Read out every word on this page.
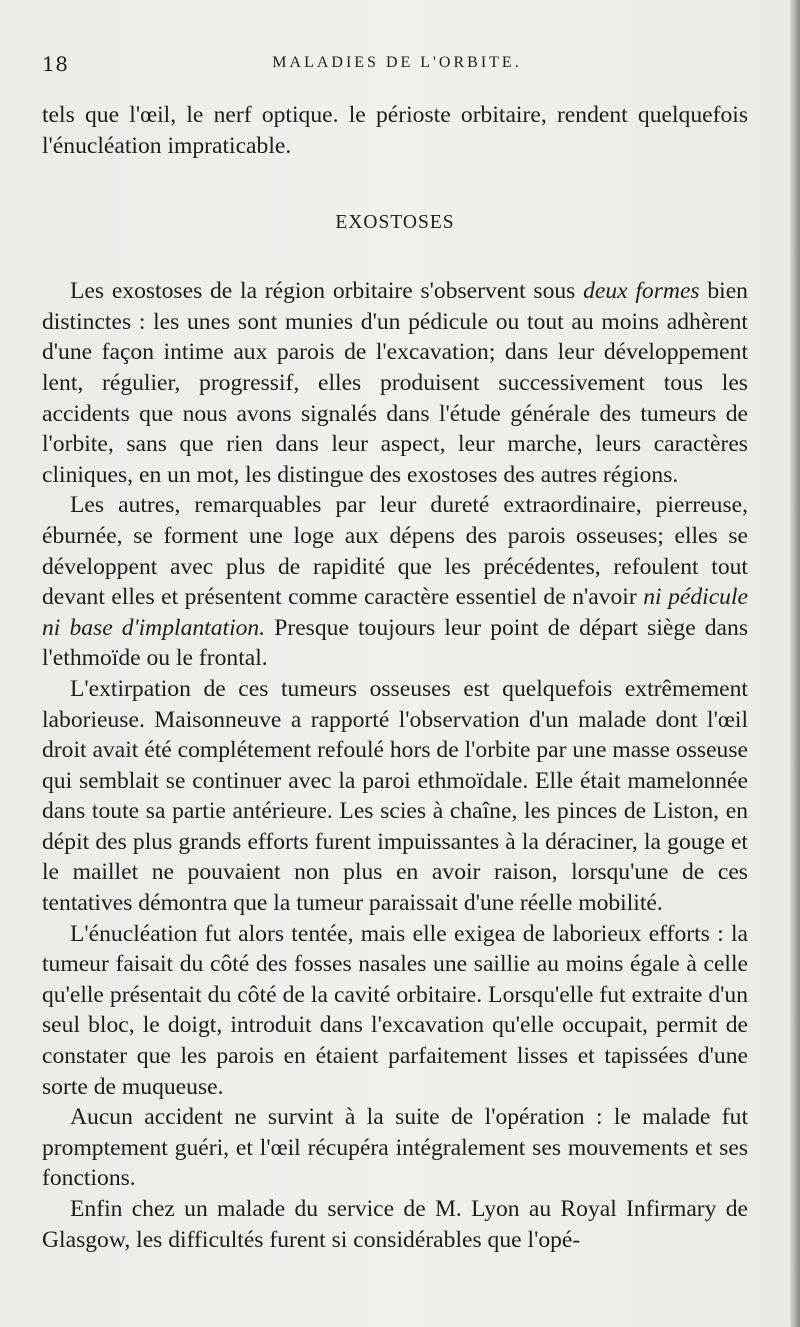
18	MALADIES DE L'ORBITE.

tels que l'œil, le nerf optique. le périoste orbitaire, rendent quelquefois l'énucléation impraticable.

EXOSTOSES

Les exostoses de la région orbitaire s'observent sous deux formes bien distinctes : les unes sont munies d'un pédicule ou tout au moins adhèrent d'une façon intime aux parois de l'excavation; dans leur développement lent, régulier, progressif, elles produisent successivement tous les accidents que nous avons signalés dans l'étude générale des tumeurs de l'orbite, sans que rien dans leur aspect, leur marche, leurs caractères cliniques, en un mot, les distingue des exostoses des autres régions.

Les autres, remarquables par leur dureté extraordinaire, pierreuse, éburnée, se forment une loge aux dépens des parois osseuses; elles se développent avec plus de rapidité que les précédentes, refoulent tout devant elles et présentent comme caractère essentiel de n'avoir ni pédicule ni base d'implantation. Presque toujours leur point de départ siège dans l'ethmoïde ou le frontal.

L'extirpation de ces tumeurs osseuses est quelquefois extrêmement laborieuse. Maisonneuve a rapporté l'observation d'un malade dont l'œil droit avait été complétement refoulé hors de l'orbite par une masse osseuse qui semblait se continuer avec la paroi ethmoïdale. Elle était mamelonnée dans toute sa partie antérieure. Les scies à chaîne, les pinces de Liston, en dépit des plus grands efforts furent impuissantes à la déraciner, la gouge et le maillet ne pouvaient non plus en avoir raison, lorsqu'une de ces tentatives démontra que la tumeur paraissait d'une réelle mobilité.

L'énucléation fut alors tentée, mais elle exigea de laborieux efforts : la tumeur faisait du côté des fosses nasales une saillie au moins égale à celle qu'elle présentait du côté de la cavité orbitaire. Lorsqu'elle fut extraite d'un seul bloc, le doigt, introduit dans l'excavation qu'elle occupait, permit de constater que les parois en étaient parfaitement lisses et tapissées d'une sorte de muqueuse.

Aucun accident ne survint à la suite de l'opération : le malade fut promptement guéri, et l'œil récupéra intégralement ses mouvements et ses fonctions.

Enfin chez un malade du service de M. Lyon au Royal Infirmary de Glasgow, les difficultés furent si considérables que l'opé-
